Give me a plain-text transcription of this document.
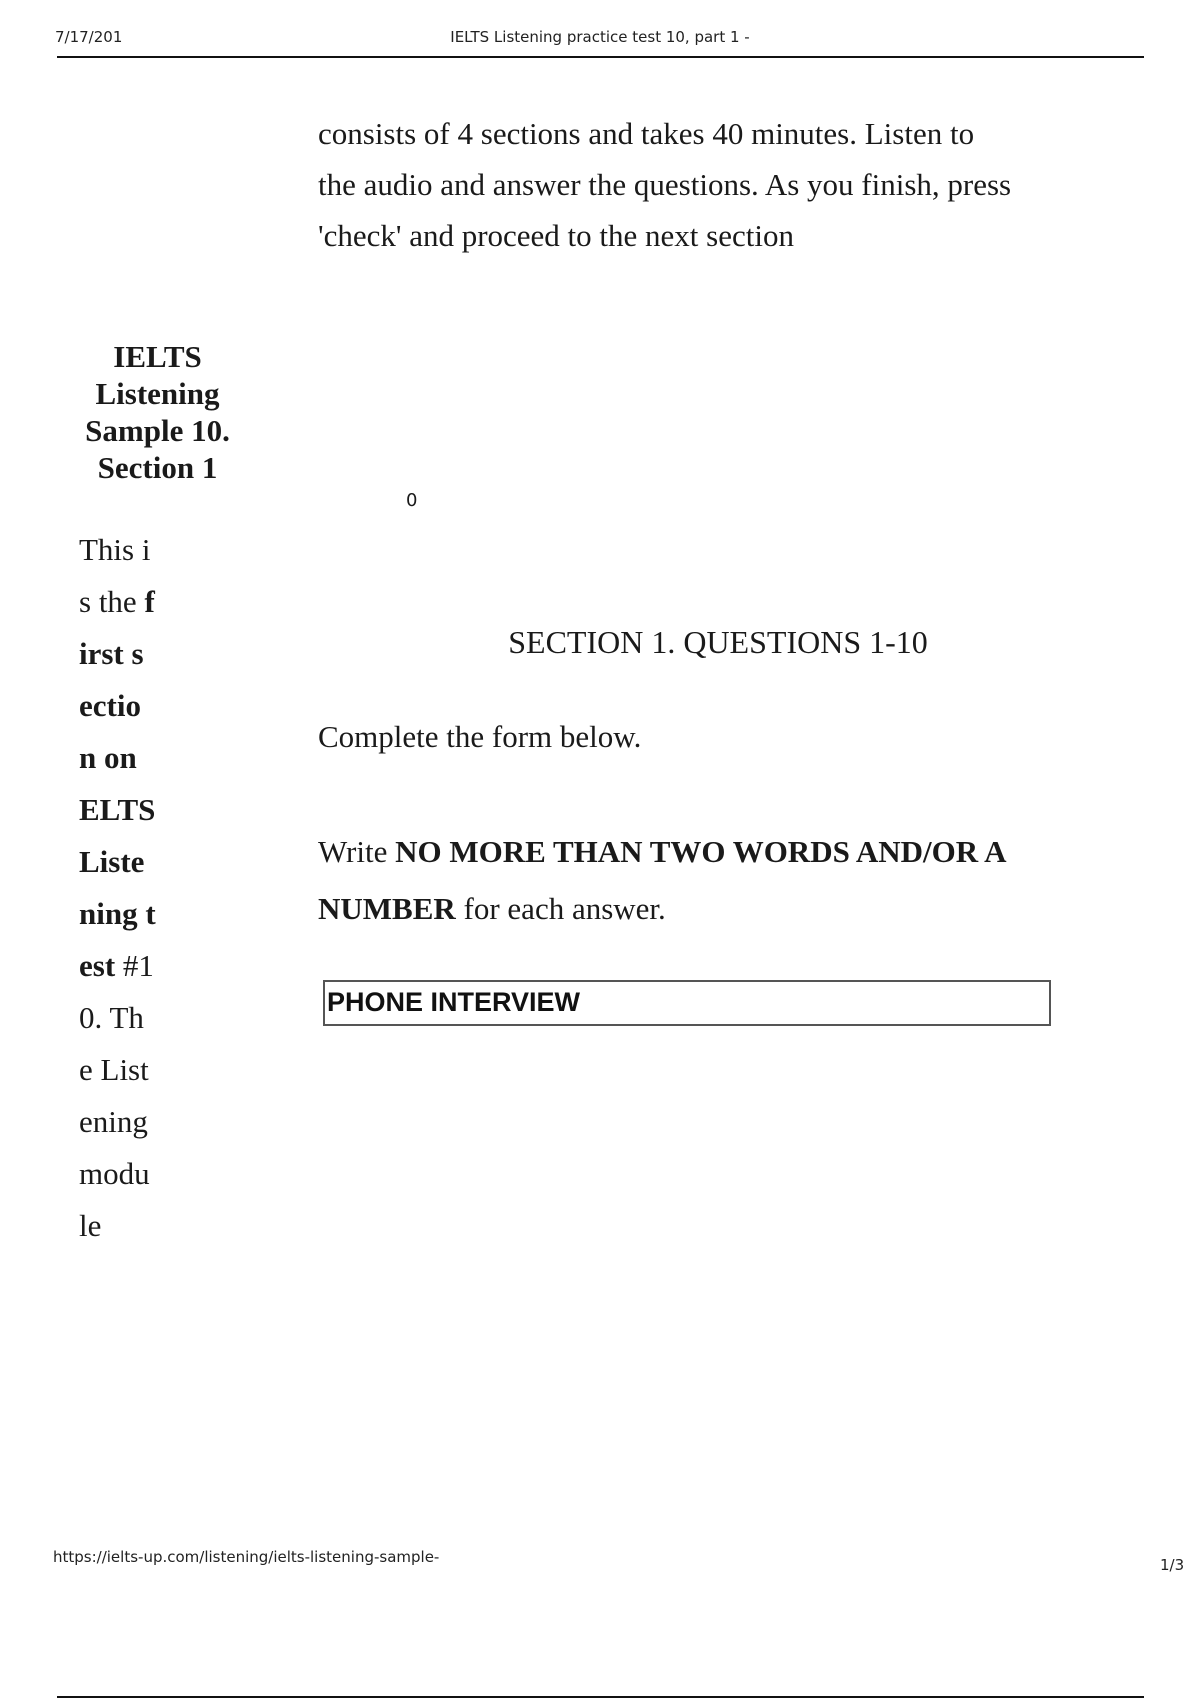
7/17/201	IELTS Listening practice test 10, part 1 -
consists of 4 sections and takes 40 minutes. Listen to the audio and answer the questions. As you finish, press 'check' and proceed to the next section
IELTS Listening Sample 10. Section 1
This is the first section on ELTS Listening test #10. The Listening module
0
SECTION 1. QUESTIONS 1-10
Complete the form below.
Write NO MORE THAN TWO WORDS AND/OR A NUMBER for each answer.
PHONE INTERVIEW
https://ielts-up.com/listening/ielts-listening-sample-	1/3
